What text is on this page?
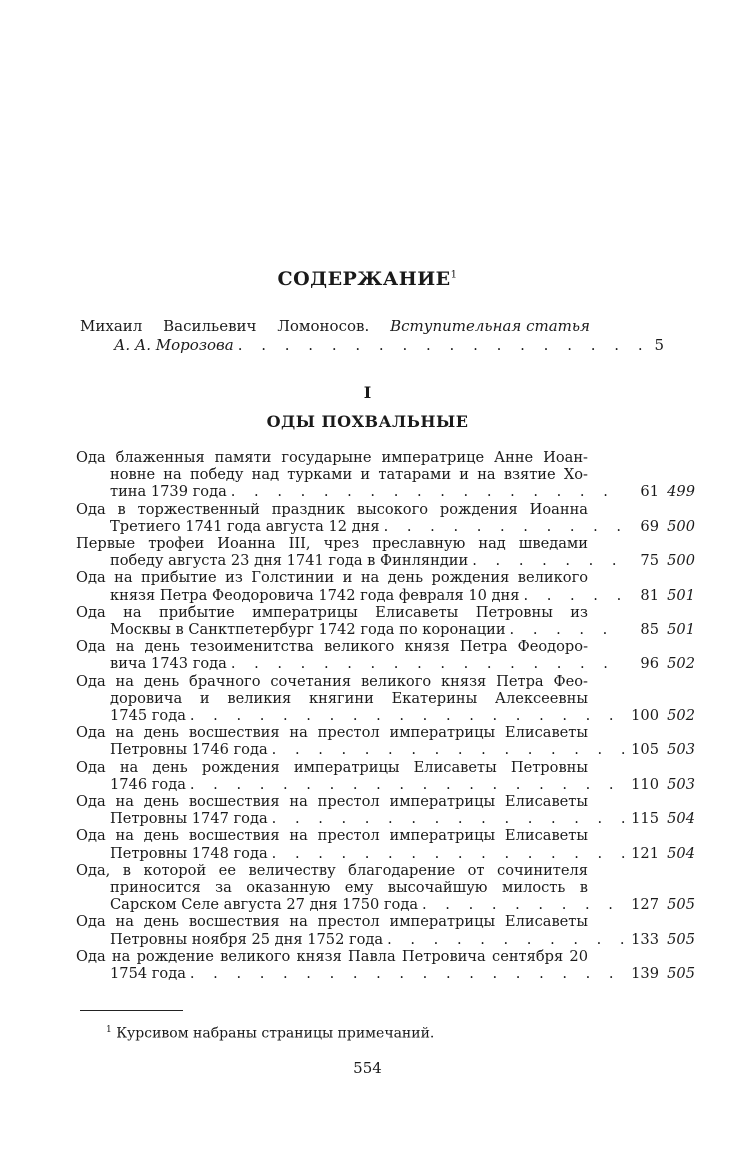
СОДЕРЖАНИЕ$^1$
Михаил Васильевич Ломоносов. Вступительная статья
А. А. Морозова . . .	5
I
ОДЫ ПОХВАЛЬНЫЕ
Ода блаженныя памяти государыне императрице Анне Иоан-
новне на победу над турками и татарами и на взятие Хо-
тина 1739 года . . .	61 499
Ода в торжественный праздник высокого рождения Иоанна
Третиего 1741 года августа 12 дня . . .	69 500
Первые трофеи Иоанна III, чрез преславную над шведами
победу августа 23 дня 1741 года в Финляндии . . .	75 500
Ода на прибытие из Голстинии и на день рождения великого
князя Петра Феодоровича 1742 года февраля 10 дня . . .	81 501
Ода на прибытие императрицы Елисаветы Петровны из
Москвы в Санктпетербург 1742 года по коронации . . .	85 501
Ода на день тезоименитства великого князя Петра Феодоро-
вича 1743 года . . .	96 502
Ода на день брачного сочетания великого князя Петра Фео-
доровича и великия княгини Екатерины Алексеевны
1745 года . . .	100 502
Ода на день восшествия на престол императрицы Елисаветы
Петровны 1746 года . . .	105 503
Ода на день рождения императрицы Елисаветы Петровны
1746 года . . .	110 503
Ода на день восшествия на престол императрицы Елисаветы
Петровны 1747 года . . .	115 504
Ода на день восшествия на престол императрицы Елисаветы
Петровны 1748 года . . .	121 504
Ода, в которой ее величеству благодарение от сочинителя
приносится за оказанную ему высочайшую милость в
Сарском Селе августа 27 дня 1750 года . . .	127 505
Ода на день восшествия на престол императрицы Елисаветы
Петровны ноября 25 дня 1752 года . . .	133 505
Ода на рождение великого князя Павла Петровича сентября 20
1754 года . . .	139 505
$^1$ Курсивом набраны страницы примечаний.
554
